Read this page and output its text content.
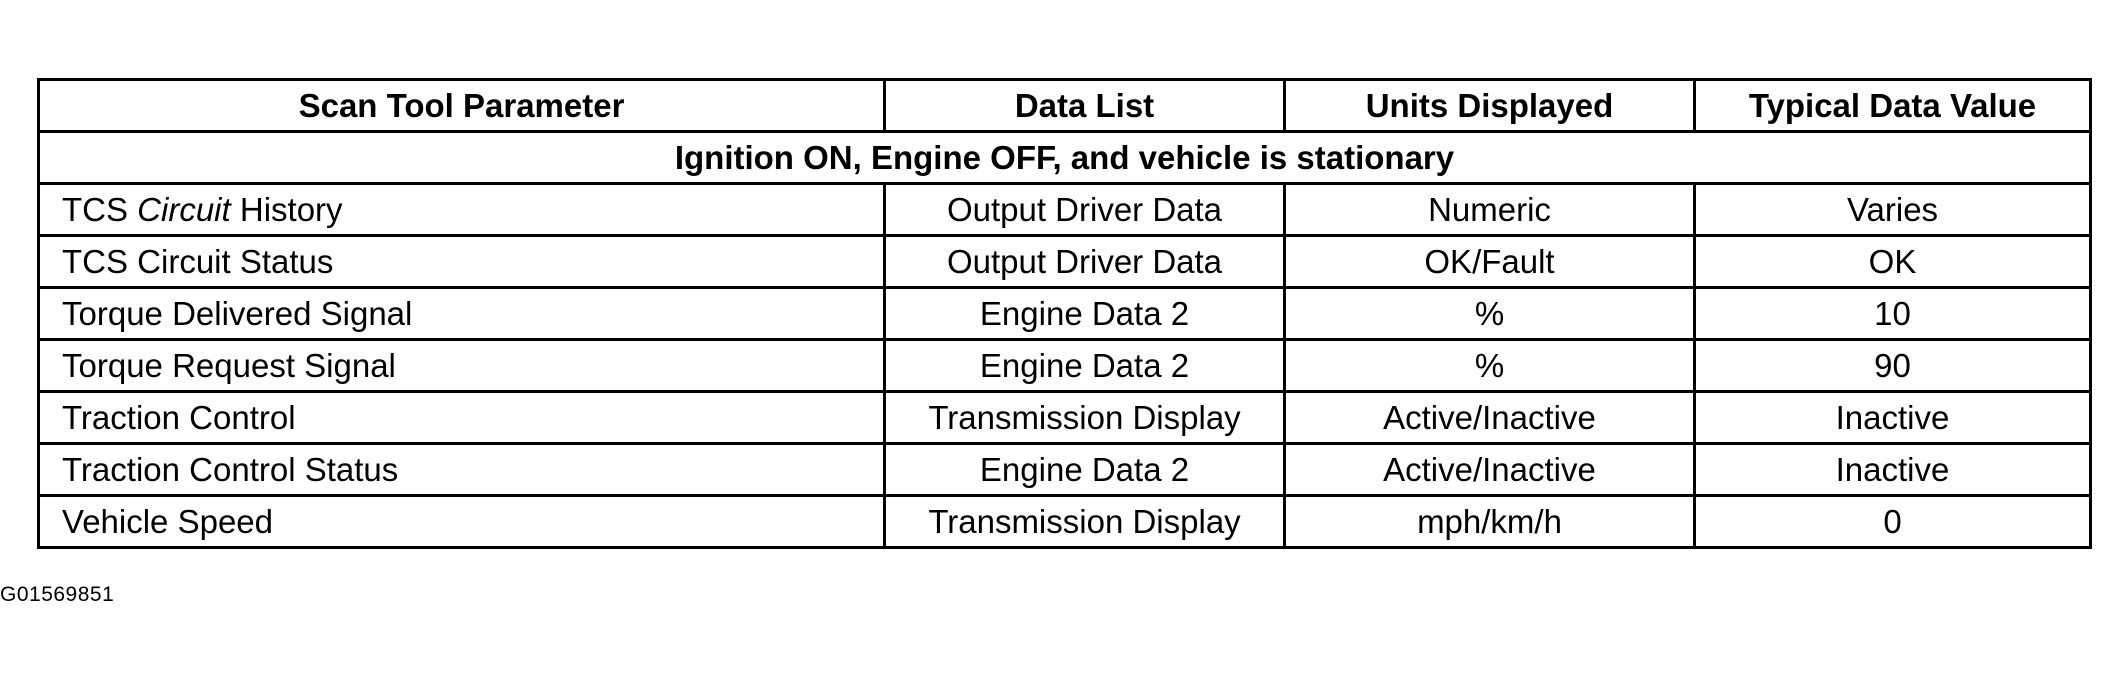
Scan Tool Parameter	Data List	Units Displayed	Typical Data Value
Ignition ON, Engine OFF, and vehicle is stationary			
TCS Circuit History	Output Driver Data	Numeric	Varies
TCS Circuit Status	Output Driver Data	OK/Fault	OK
Torque Delivered Signal	Engine Data 2	%	10
Torque Request Signal	Engine Data 2	%	90
Traction Control	Transmission Display	Active/Inactive	Inactive
Traction Control Status	Engine Data 2	Active/Inactive	Inactive
Vehicle Speed	Transmission Display	mph/km/h	0
G01569851
